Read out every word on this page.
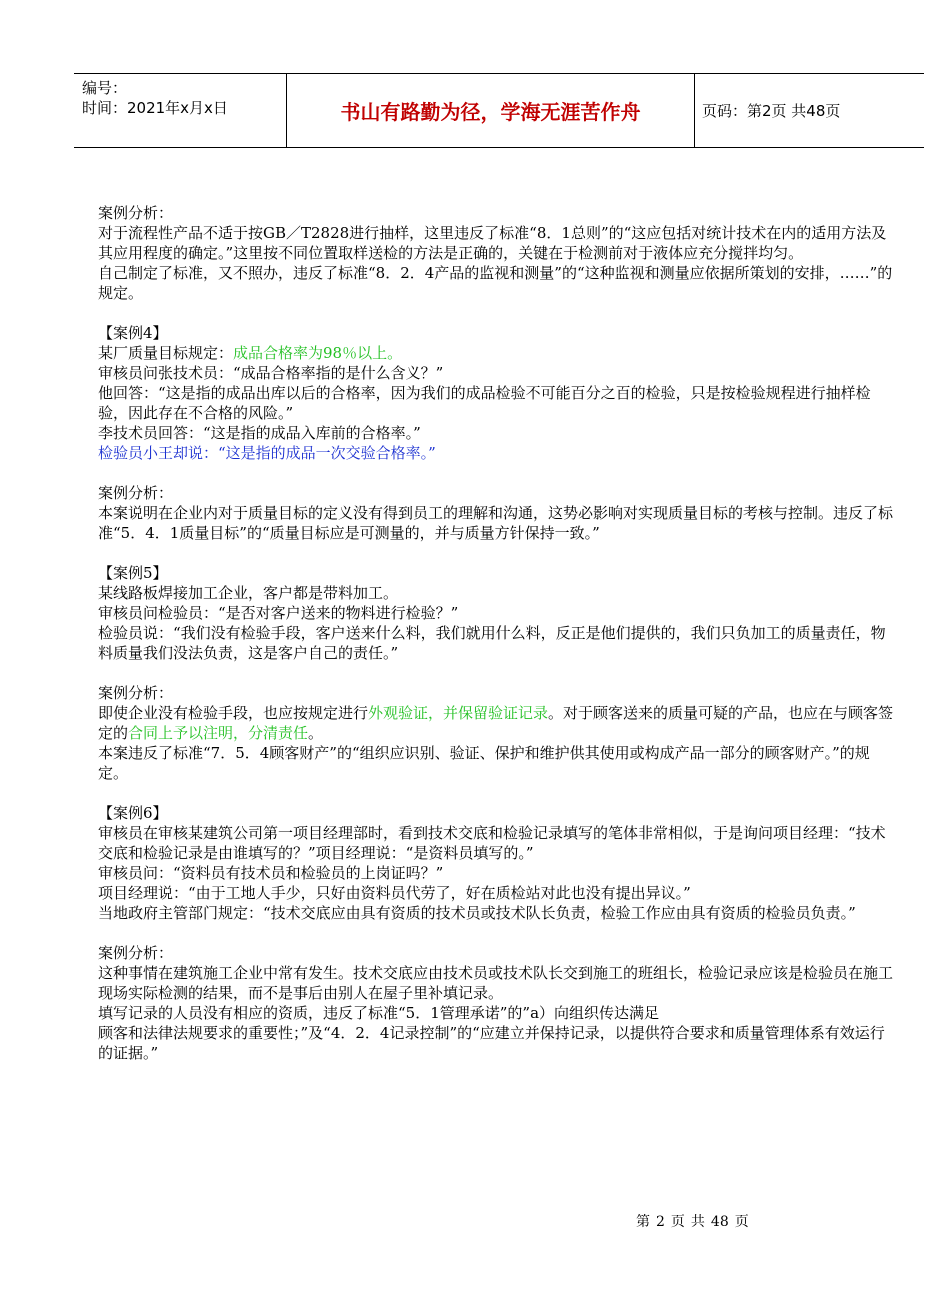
编号：
时间：2021年x月x日	书山有路勤为径，学海无涯苦作舟	页码：第2页 共48页

案例分析：

对于流程性产品不适于按GB／T2828进行抽样，这里违反了标准“8．1总则”的“这应包括对统计技术在内的适用方法及其应用程度的确定。”这里按不同位置取样送检的方法是正确的，关键在于检测前对于液体应充分搅拌均匀。

自己制定了标准，又不照办，违反了标准“8．2．4产品的监视和测量”的“这种监视和测量应依据所策划的安排，……”的规定。

【案例4】

某厂质量目标规定：成品合格率为98％以上。

审核员问张技术员：“成品合格率指的是什么含义？”

他回答：“这是指的成品出库以后的合格率，因为我们的成品检验不可能百分之百的检验，只是按检验规程进行抽样检验，因此存在不合格的风险。”

李技术员回答：“这是指的成品入库前的合格率。”

检验员小王却说：“这是指的成品一次交验合格率。”

案例分析：

本案说明在企业内对于质量目标的定义没有得到员工的理解和沟通，这势必影响对实现质量目标的考核与控制。违反了标准“5．4．1质量目标”的“质量目标应是可测量的，并与质量方针保持一致。”

【案例5】

某线路板焊接加工企业，客户都是带料加工。

审核员问检验员：“是否对客户送来的物料进行检验？”

检验员说：“我们没有检验手段，客户送来什么料，我们就用什么料，反正是他们提供的，我们只负加工的质量责任，物料质量我们没法负责，这是客户自己的责任。”

案例分析：

即使企业没有检验手段，也应按规定进行外观验证，并保留验证记录。对于顾客送来的质量可疑的产品，也应在与顾客签定的合同上予以注明，分清责任。

本案违反了标准“7．5．4顾客财产”的“组织应识别、验证、保护和维护供其使用或构成产品一部分的顾客财产。”的规定。

【案例6】

审核员在审核某建筑公司第一项目经理部时，看到技术交底和检验记录填写的笔体非常相似，于是询问项目经理：“技术交底和检验记录是由谁填写的？”项目经理说：“是资料员填写的。”

审核员问：“资料员有技术员和检验员的上岗证吗？”

项目经理说：“由于工地人手少，只好由资料员代劳了，好在质检站对此也没有提出异议。”

当地政府主管部门规定：“技术交底应由具有资质的技术员或技术队长负责，检验工作应由具有资质的检验员负责。”

案例分析：

这种事情在建筑施工企业中常有发生。技术交底应由技术员或技术队长交到施工的班组长，检验记录应该是检验员在施工现场实际检测的结果，而不是事后由别人在屋子里补填记录。

填写记录的人员没有相应的资质，违反了标准“5．1管理承诺”的”a）向组织传达满足

顾客和法律法规要求的重要性；”及“4．2．4记录控制”的“应建立并保持记录，以提供符合要求和质量管理体系有效运行的证据。”

第 2 页 共 48 页
